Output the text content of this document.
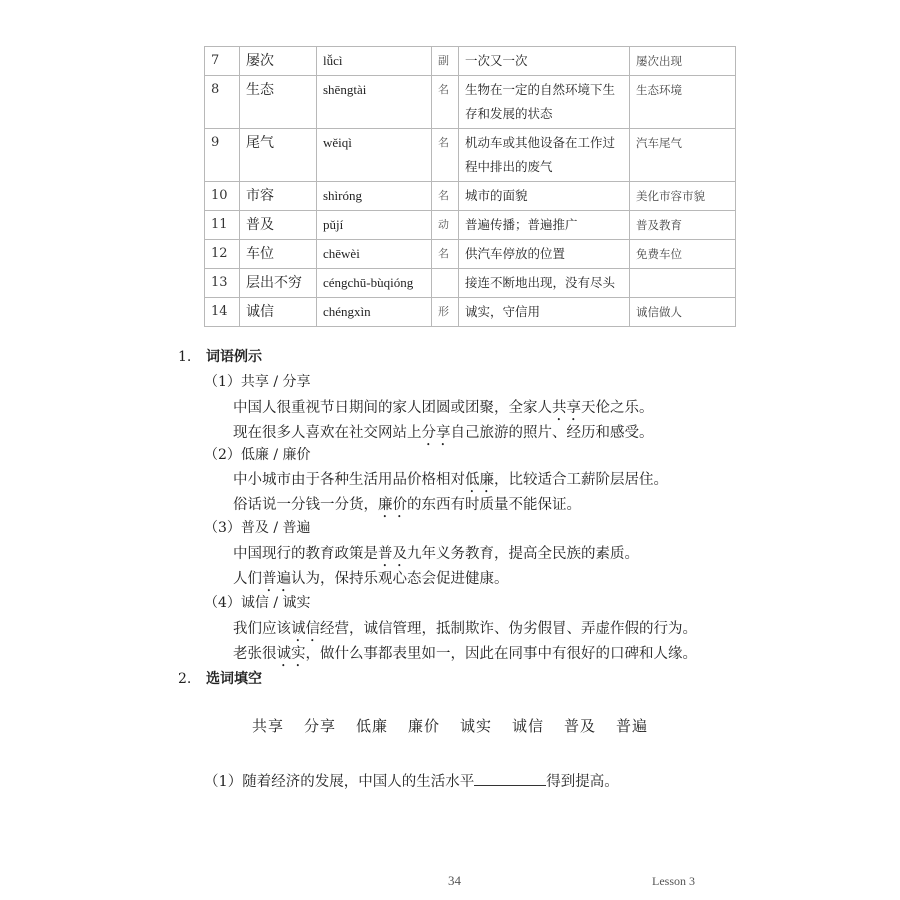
7	屡次	lǚcì	副	一次又一次	屡次出现
8	生态	shēngtài	名	生物在一定的自然环境下生存和发展的状态	生态环境
9	尾气	wěiqì	名	机动车或其他设备在工作过程中排出的废气	汽车尾气
10	市容	shìróng	名	城市的面貌	美化市容市貌
11	普及	pǔjí	动	普遍传播；普遍推广	普及教育
12	车位	chēwèi	名	供汽车停放的位置	免费车位
13	层出不穷	céngchū-bùqióng		接连不断地出现，没有尽头	
14	诚信	chéngxìn	形	诚实，守信用	诚信做人
1. 词语例示
（1）共享 / 分享
中国人很重视节日期间的家人团圆或团聚，全家人共享天伦之乐。
现在很多人喜欢在社交网站上分享自己旅游的照片、经历和感受。
（2）低廉 / 廉价
中小城市由于各种生活用品价格相对低廉，比较适合工薪阶层居住。
俗话说一分钱一分货，廉价的东西有时质量不能保证。
（3）普及 / 普遍
中国现行的教育政策是普及九年义务教育，提高全民族的素质。
人们普遍认为，保持乐观心态会促进健康。
（4）诚信 / 诚实
我们应该诚信经营，诚信管理，抵制欺诈、伪劣假冒、弄虚作假的行为。
老张很诚实，做什么事都表里如一，因此在同事中有很好的口碑和人缘。
2. 选词填空
共享 分享 低廉 廉价 诚实 诚信 普及 普遍
（1）随着经济的发展，中国人的生活水平	得到提高。
34	Lesson 3
